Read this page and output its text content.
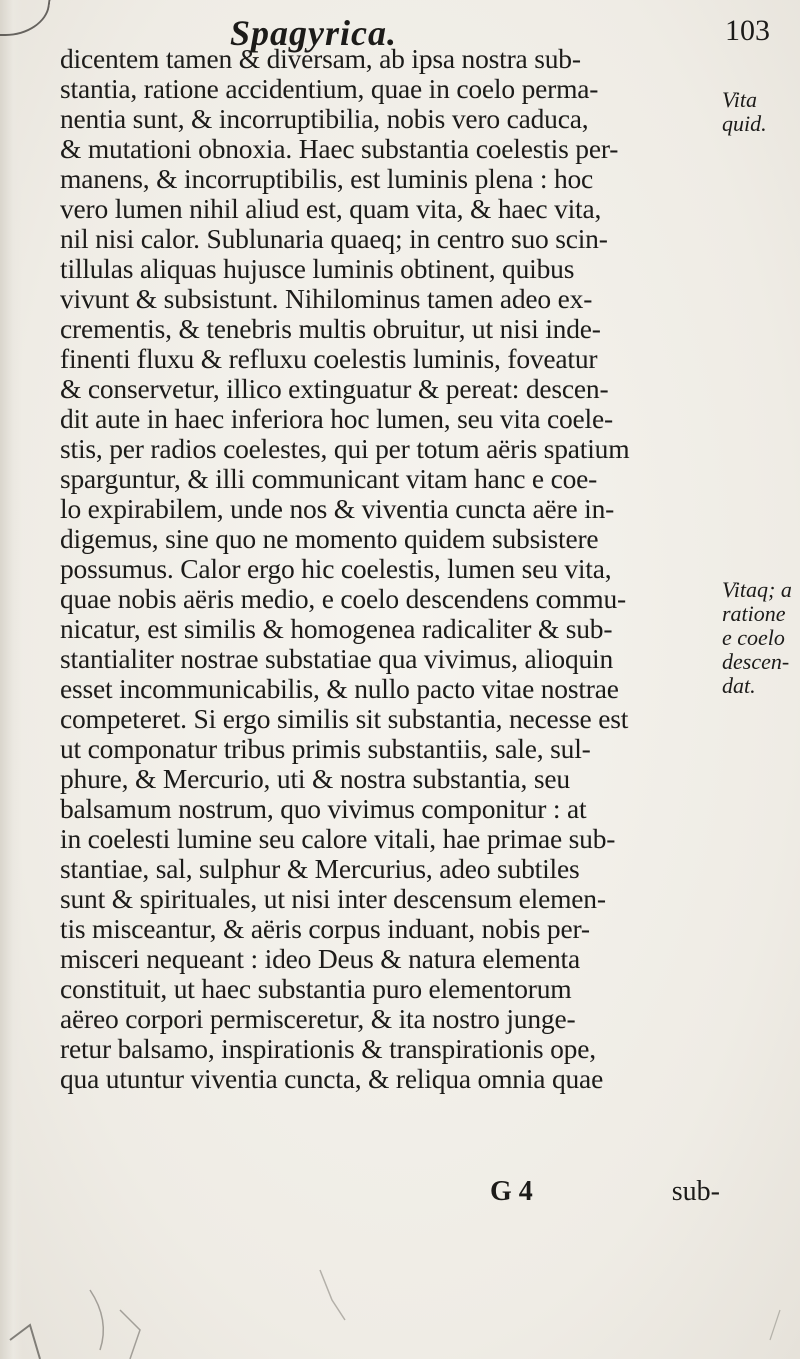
Spagyrica.	103
dicentem tamen & diversam, ab ipsa nostra sub-
stantia, ratione accidentium, quae in coelo perma-
nentia sunt, & incorruptibilia, nobis vero caduca,
& mutationi obnoxia. Haec substantia coelestis per-
manens, & incorruptibilis, est luminis plena : hoc
vero lumen nihil aliud est, quam vita, & haec vita,
nil nisi calor. Sublunaria quaeq; in centro suo scin-
tillulas aliquas hujusce luminis obtinent, quibus
vivunt & subsistunt. Nihilominus tamen adeo ex-
crementis, & tenebris multis obruitur, ut nisi inde-
finenti fluxu & refluxu coelestis luminis, foveatur
& conservetur, illico extinguatur & pereat: descen-
dit aute in haec inferiora hoc lumen, seu vita coele-
stis, per radios coelestes, qui per totum aëris spatium
sparguntur, & illi communicant vitam hanc e coe-
lo expirabilem, unde nos & viventia cuncta aëre in-
digemus, sine quo ne momento quidem subsistere
possumus. Calor ergo hic coelestis, lumen seu vita,
quae nobis aëris medio, e coelo descendens commu-
nicatur, est similis & homogenea radicaliter & sub-
stantialiter nostrae substatiae qua vivimus, alioquin
esset incommunicabilis, & nullo pacto vitae nostrae
competeret. Si ergo similis sit substantia, necesse est
ut componatur tribus primis substantiis, sale, sul-
phure, & Mercurio, uti & nostra substantia, seu
balsamum nostrum, quo vivimus componitur : at
in coelesti lumine seu calore vitali, hae primae sub-
stantiae, sal, sulphur & Mercurius, adeo subtiles
sunt & spirituales, ut nisi inter descensum elemen-
tis misceantur, & aëris corpus induant, nobis per-
misceri nequeant : ideo Deus & natura elementa
constituit, ut haec substantia puro elementorum
aëreo corpori permisceretur, & ita nostro junge-
retur balsamo, inspirationis & transpirationis ope,
qua utuntur viventia cuncta, & reliqua omnia quae
Vita
quid.
Vitaq; a
ratione
e coelo
descen-
dat.
G 4	sub-
